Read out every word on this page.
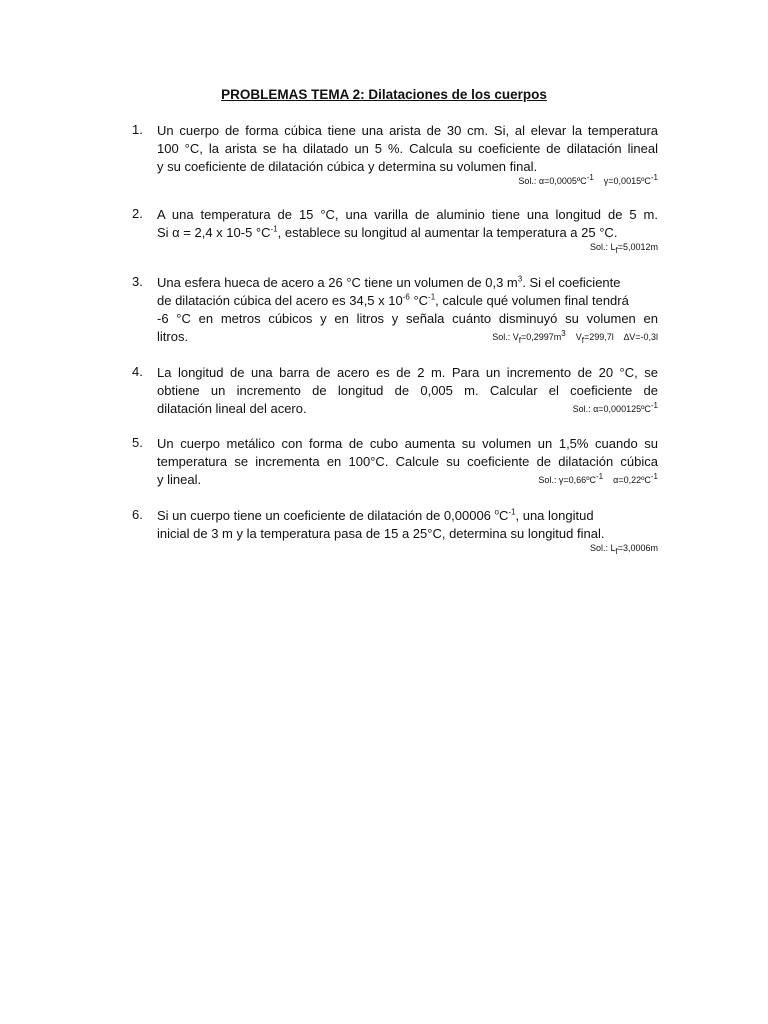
PROBLEMAS TEMA 2: Dilataciones de los cuerpos
1. Un cuerpo de forma cúbica tiene una arista de 30 cm. Si, al elevar la temperatura
100 °C, la arista se ha dilatado un 5 %. Calcula su coeficiente de dilatación lineal
y su coeficiente de dilatación cúbica y determina su volumen final.
Sol.: α=0,0005ºC$^{-1}$ γ=0,0015ºC$^{-1}$
2. A una temperatura de 15 °C, una varilla de aluminio tiene una longitud de 5 m.
Si α = 2,4 x 10-5 $^\circ C^{-1}$, establece su longitud al aumentar la temperatura a 25 °C.
Sol.: $L_f=5,0012m$
3. Una esfera hueca de acero a 26 °C tiene un volumen de 0,3 $m^3$. Si el coeficiente
de dilatación cúbica del acero es 34,5 x $10^{-6}$ $^\circ C^{-1}$, calcule qué volumen final tendrá
-6 °C en metros cúbicos y en litros y señala cuánto disminuyó su volumen en
litros.	Sol.: $V_f=0,2997m^3$ $V_f=299,7l$ ∆V=-0,3l
4. La longitud de una barra de acero es de 2 m. Para un incremento de 20 °C, se
obtiene un incremento de longitud de 0,005 m. Calcular el coeficiente de
dilatación lineal del acero.	Sol.: α=0,000125ºC$^{-1}$
5. Un cuerpo metálico con forma de cubo aumenta su volumen un 1,5% cuando su
temperatura se incrementa en 100°C. Calcule su coeficiente de dilatación cúbica
y lineal.	Sol.: γ=0,66ºC$^{-1}$ α=0,22ºC$^{-1}$
6. Si un cuerpo tiene un coeficiente de dilatación de 0,00006 $^oC^{-1}$, una longitud
inicial de 3 m y la temperatura pasa de 15 a 25°C, determina su longitud final.
Sol.: $L_f=3,0006m$
